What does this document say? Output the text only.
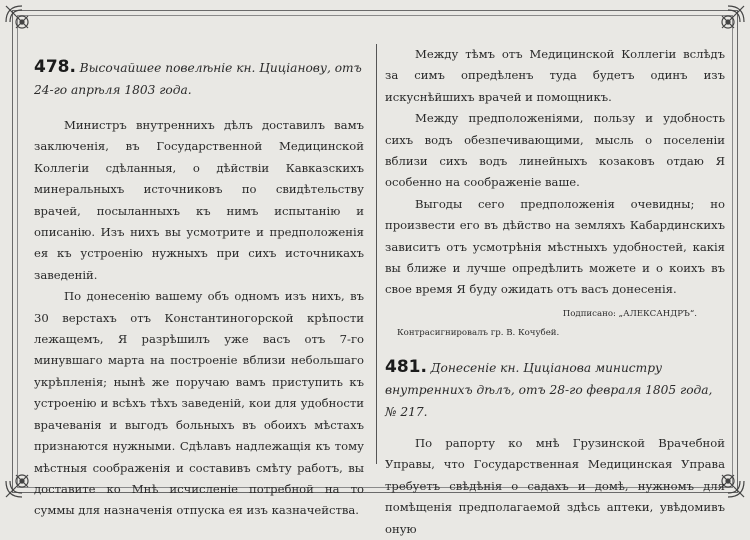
478. Высочайшее повелѣнiе кн. Цицiанову, отъ 24-го апрѣля 1803 года.

Министръ внутреннихъ дѣлъ доставилъ вамъ заключенiя, въ Государственной Медицинской Коллегiи сдѣланныя, о дѣйствiи Кавказскихъ минеральныхъ источниковъ по свидѣтельству врачей, посыланныхъ къ нимъ испытанiю и описанiю. Изъ нихъ вы усмотрите и предположенiя ея къ устроенiю нужныхъ при сихъ источникахъ заведенiй.

По донесенiю вашему объ одномъ изъ нихъ, въ 30 верстахъ отъ Константиногорской крѣпости лежащемъ, Я разрѣшилъ уже васъ отъ 7-го минувшаго марта на построенiе вблизи небольшаго укрѣпленiя; нынѣ же поручаю вамъ приступить къ устроенiю и всѣхъ тѣхъ заведенiй, кои для удобности врачеванiя и выгодъ больныхъ въ обоихъ мѣстахъ признаются нужными. Сдѣлавъ надлежащiя къ тому мѣстныя соображенiя и составивъ смѣту работъ, вы доставите ко Мнѣ исчисленiе потребной на то суммы для назначенiя отпуска ея изъ казначейства.

Между тѣмъ отъ Медицинской Коллегiи вслѣдъ за симъ опредѣленъ туда будетъ одинъ изъ искуснѣйшихъ врачей и помощникъ.

Между предположенiями, пользу и удобность сихъ водъ обезпечивающими, мысль о поселенiи вблизи сихъ водъ линейныхъ козаковъ отдаю Я особенно на соображенiе ваше.

Выгоды сего предположенiя очевидны; но произвести его въ дѣйство на земляхъ Кабардинскихъ зависитъ отъ усмотрѣнiя мѣстныхъ удобностей, какiя вы ближе и лучше опредѣлить можете и о коихъ въ свое время Я буду ожидать отъ васъ донесенiя.

Подписано: „АЛЕКСАНДРЪ“.

Контрасигнировалъ гр. В. Кочубей.

481. Донесенiе кн. Цицiанова министру внутреннихъ дѣлъ, отъ 28-го февраля 1805 года, № 217.

По рапорту ко мнѣ Грузинской Врачебной Управы, что Государственная Медицинская Управа требуетъ свѣдѣнiя о садахъ и домѣ, нужномъ для помѣщенiя предполагаемой здѣсь аптеки, увѣдомивъ оную
